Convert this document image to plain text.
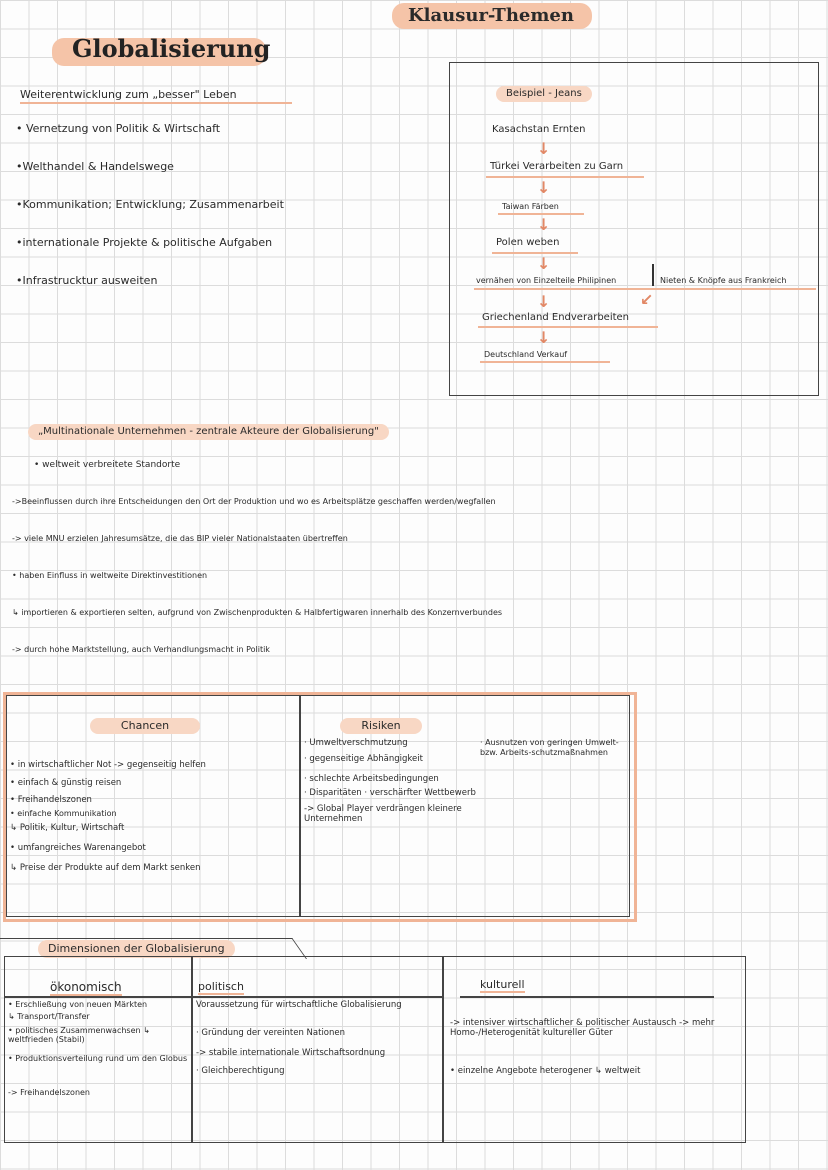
Klausur-Themen
Globalisierung
Weiterentwicklung zum „besser" Leben
• Vernetzung von Politik & Wirtschaft
•Welthandel & Handelswege
•Kommunikation; Entwicklung; Zusammenarbeit
•internationale Projekte & politische Aufgaben
•Infrastrucktur ausweiten
Beispiel - Jeans
Kasachstan Ernten
↓
Türkei Verarbeiten zu Garn
↓
Taiwan Färben
↓
Polen weben
↓
vernähen von Einzelteile Philipinen	Nieten & Knöpfe aus Frankreich
↓	↙
Griechenland Endverarbeiten
↓
Deutschland Verkauf
„Multinationale Unternehmen - zentrale Akteure der Globalisierung"
• weltweit verbreitete Standorte
->Beeinflussen durch ihre Entscheidungen den Ort der Produktion und wo es Arbeitsplätze geschaffen werden/wegfallen
-> viele MNU erzielen Jahresumsätze, die das BIP vieler Nationalstaaten übertreffen
• haben Einfluss in weltweite Direktinvestitionen
↳ importieren & exportieren selten, aufgrund von Zwischenprodukten & Halbfertigwaren innerhalb des Konzernverbundes
-> durch hohe Marktstellung, auch Verhandlungsmacht in Politik
Chancen
• in wirtschaftlicher Not -> gegenseitig helfen
• einfach & günstig reisen
• Freihandelszonen
• einfache Kommunikation
↳ Politik, Kultur, Wirtschaft
• umfangreiches Warenangebot
↳ Preise der Produkte auf dem Markt senken
Risiken
· Umweltverschmutzung
· gegenseitige Abhängigkeit
· schlechte Arbeitsbedingungen
· Disparitäten · verschärfter Wettbewerb
-> Global Player verdrängen kleinere Unternehmen
· Ausnutzen von geringen Umwelt- bzw. Arbeits-schutzmaßnahmen
Dimensionen der Globalisierung
ökonomisch	politisch	kulturell
• Erschließung von neuen Märkten
↳ Transport/Transfer
• politisches Zusammenwachsen ↳ weltfrieden (Stabil)
• Produktionsverteilung rund um den Globus
-> Freihandelszonen
Voraussetzung für wirtschaftliche Globalisierung
· Gründung der vereinten Nationen
-> stabile internationale Wirtschaftsordnung
· Gleichberechtigung
-> intensiver wirtschaftlicher & politischer Austausch -> mehr Homo-/Heterogenität kultureller Güter
• einzelne Angebote heterogener ↳ weltweit
